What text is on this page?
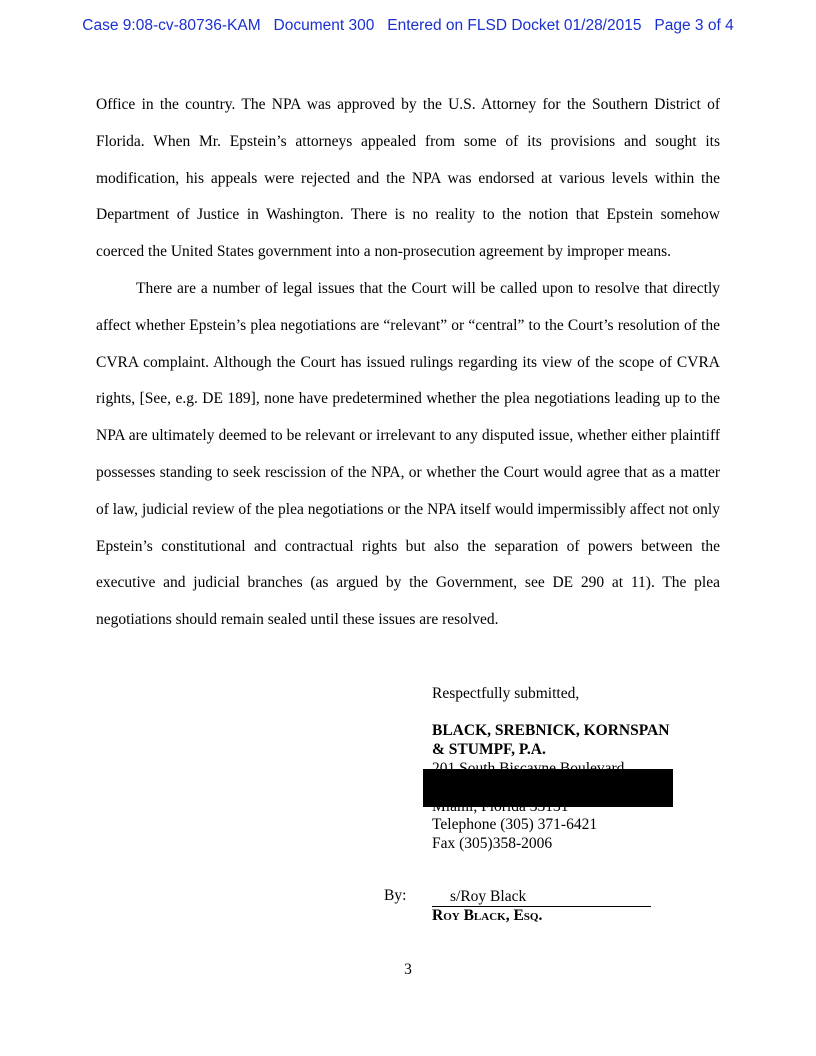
Case 9:08-cv-80736-KAM Document 300 Entered on FLSD Docket 01/28/2015 Page 3 of 4

Office in the country. The NPA was approved by the U.S. Attorney for the Southern District of Florida. When Mr. Epstein’s attorneys appealed from some of its provisions and sought its modification, his appeals were rejected and the NPA was endorsed at various levels within the Department of Justice in Washington. There is no reality to the notion that Epstein somehow coerced the United States government into a non-prosecution agreement by improper means.

There are a number of legal issues that the Court will be called upon to resolve that directly affect whether Epstein’s plea negotiations are “relevant” or “central” to the Court’s resolution of the CVRA complaint. Although the Court has issued rulings regarding its view of the scope of CVRA rights, [See, e.g. DE 189], none have predetermined whether the plea negotiations leading up to the NPA are ultimately deemed to be relevant or irrelevant to any disputed issue, whether either plaintiff possesses standing to seek rescission of the NPA, or whether the Court would agree that as a matter of law, judicial review of the plea negotiations or the NPA itself would impermissibly affect not only Epstein’s constitutional and contractual rights but also the separation of powers between the executive and judicial branches (as argued by the Government, see DE 290 at 11). The plea negotiations should remain sealed until these issues are resolved.

Respectfully submitted,
BLACK, SREBNICK, KORNSPAN
& STUMPF, P.A.
Telephone (305) 371-6421
Fax (305)358-2006
By:	s/Roy Black
Roy Black, Esq.
3
